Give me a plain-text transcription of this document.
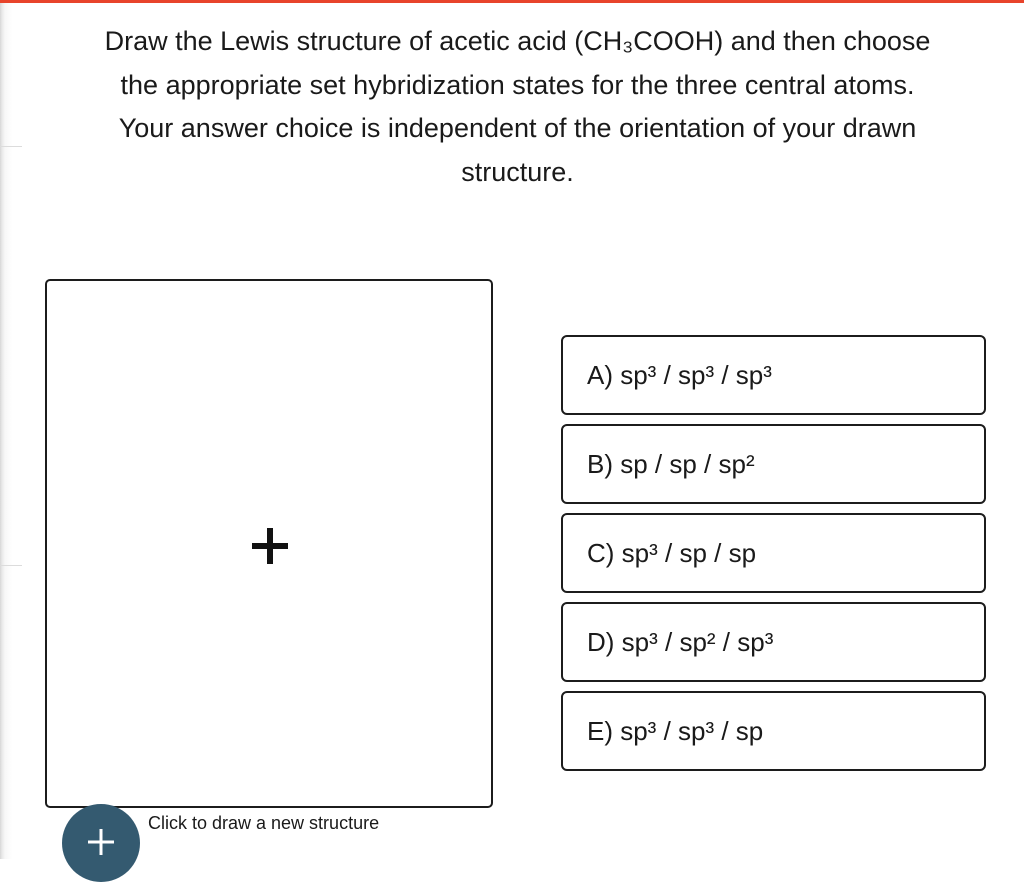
Draw the Lewis structure of acetic acid (CH₃COOH) and then choose
the appropriate set hybridization states for the three central atoms.
Your answer choice is independent of the orientation of your drawn
structure.
A) sp³ / sp³ / sp³
B) sp / sp / sp²
C) sp³ / sp / sp
D) sp³ / sp² / sp³
E) sp³ / sp³ / sp
Click to draw a new structure
